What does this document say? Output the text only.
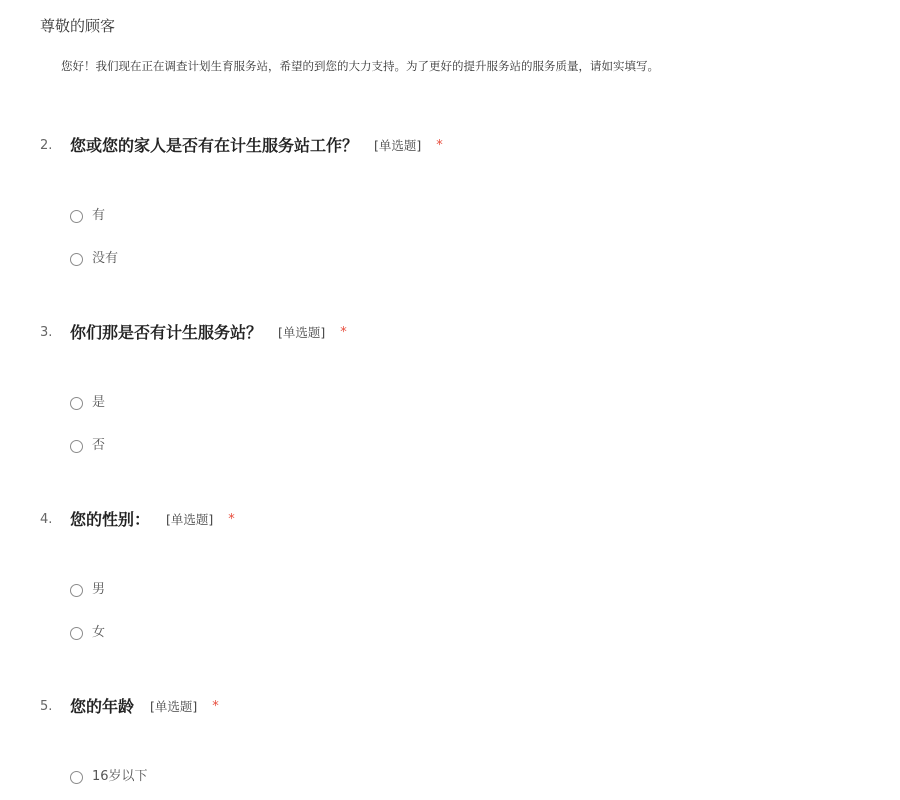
尊敬的顾客
您好！我们现在正在调查计划生育服务站，希望的到您的大力支持。为了更好的提升服务站的服务质量，请如实填写。
2. 您或您的家人是否有在计生服务站工作？ [单选题] *
有
没有
3. 你们那是否有计生服务站？ [单选题] *
是
否
4. 您的性别： [单选题] *
男
女
5. 您的年龄 [单选题] *
16岁以下
